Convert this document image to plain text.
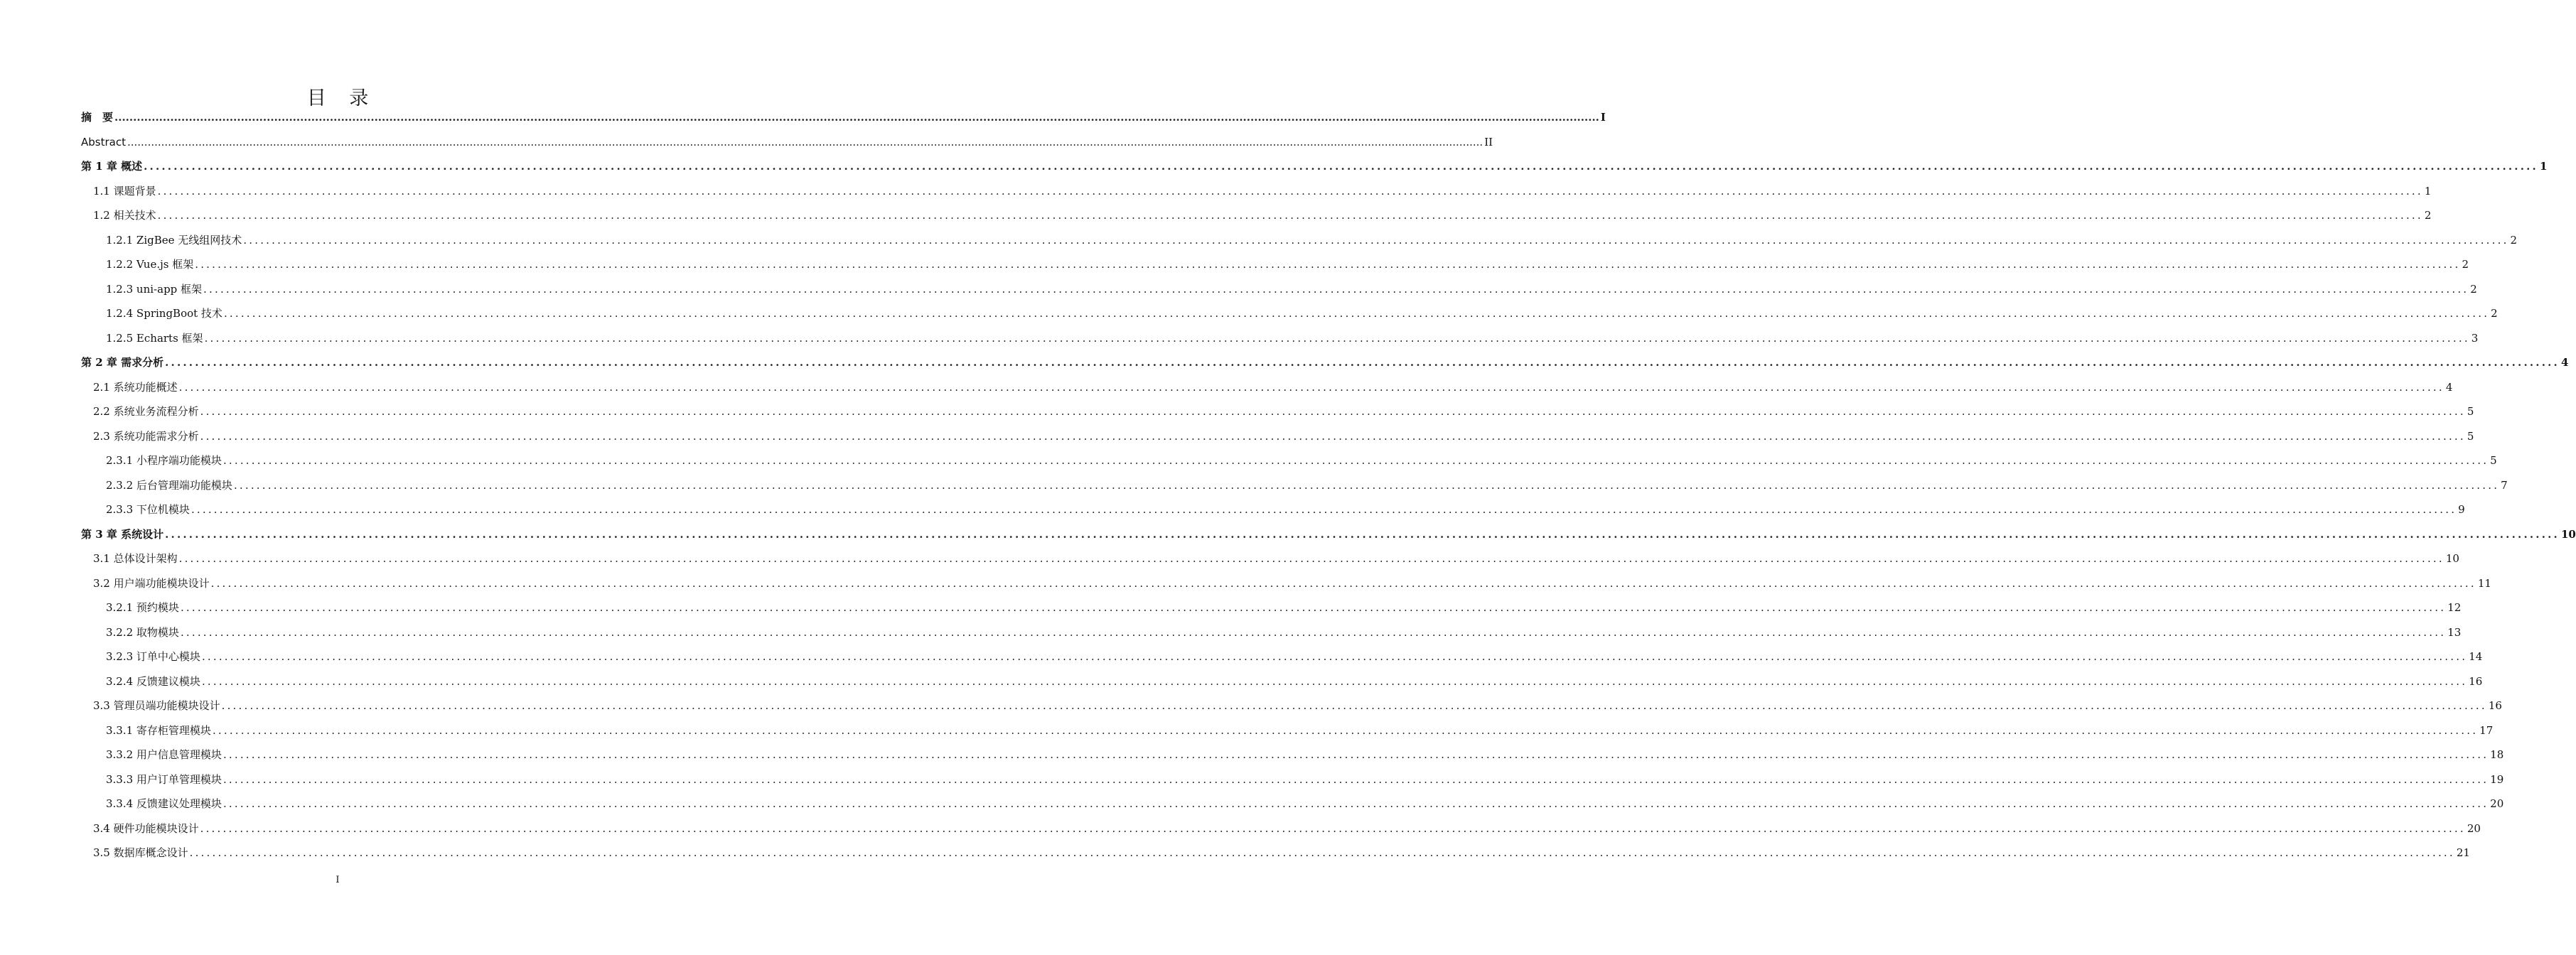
目 录
摘　要 ................................................................................................................................................................................................................................................................................................................................................................................................................ I
Abstract ................................................................................................................................................................................................................................................................................................................................................................................................................ II
第 1 章 概述 ................................................................................................................................................................................................................................................................................................................................................................................................................ 1
1.1 课题背景 ................................................................................................................................................................................................................................................................................................................................................................................................................ 1
1.2 相关技术 ................................................................................................................................................................................................................................................................................................................................................................................................................ 2
1.2.1 ZigBee 无线组网技术 ................................................................................................................................................................................................................................................................................................................................................................................................................ 2
1.2.2 Vue.js 框架 ................................................................................................................................................................................................................................................................................................................................................................................................................ 2
1.2.3 uni-app 框架 ................................................................................................................................................................................................................................................................................................................................................................................................................ 2
1.2.4 SpringBoot 技术 ................................................................................................................................................................................................................................................................................................................................................................................................................ 2
1.2.5 Echarts 框架 ................................................................................................................................................................................................................................................................................................................................................................................................................ 3
第 2 章 需求分析 ................................................................................................................................................................................................................................................................................................................................................................................................................ 4
2.1 系统功能概述 ................................................................................................................................................................................................................................................................................................................................................................................................................ 4
2.2 系统业务流程分析 ................................................................................................................................................................................................................................................................................................................................................................................................................ 5
2.3 系统功能需求分析 ................................................................................................................................................................................................................................................................................................................................................................................................................ 5
2.3.1 小程序端功能模块 ................................................................................................................................................................................................................................................................................................................................................................................................................ 5
2.3.2 后台管理端功能模块 ................................................................................................................................................................................................................................................................................................................................................................................................................ 7
2.3.3 下位机模块 ................................................................................................................................................................................................................................................................................................................................................................................................................ 9
第 3 章 系统设计 ................................................................................................................................................................................................................................................................................................................................................................................................................ 10
3.1 总体设计架构 ................................................................................................................................................................................................................................................................................................................................................................................................................ 10
3.2 用户端功能模块设计 ................................................................................................................................................................................................................................................................................................................................................................................................................ 11
3.2.1 预约模块 ................................................................................................................................................................................................................................................................................................................................................................................................................ 12
3.2.2 取物模块 ................................................................................................................................................................................................................................................................................................................................................................................................................ 13
3.2.3 订单中心模块 ................................................................................................................................................................................................................................................................................................................................................................................................................ 14
3.2.4 反馈建议模块 ................................................................................................................................................................................................................................................................................................................................................................................................................ 16
3.3 管理员端功能模块设计 ................................................................................................................................................................................................................................................................................................................................................................................................................ 16
3.3.1 寄存柜管理模块 ................................................................................................................................................................................................................................................................................................................................................................................................................ 17
3.3.2 用户信息管理模块 ................................................................................................................................................................................................................................................................................................................................................................................................................ 18
3.3.3 用户订单管理模块 ................................................................................................................................................................................................................................................................................................................................................................................................................ 19
3.3.4 反馈建议处理模块 ................................................................................................................................................................................................................................................................................................................................................................................................................ 20
3.4 硬件功能模块设计 ................................................................................................................................................................................................................................................................................................................................................................................................................ 20
3.5 数据库概念设计 ................................................................................................................................................................................................................................................................................................................................................................................................................ 21
I
